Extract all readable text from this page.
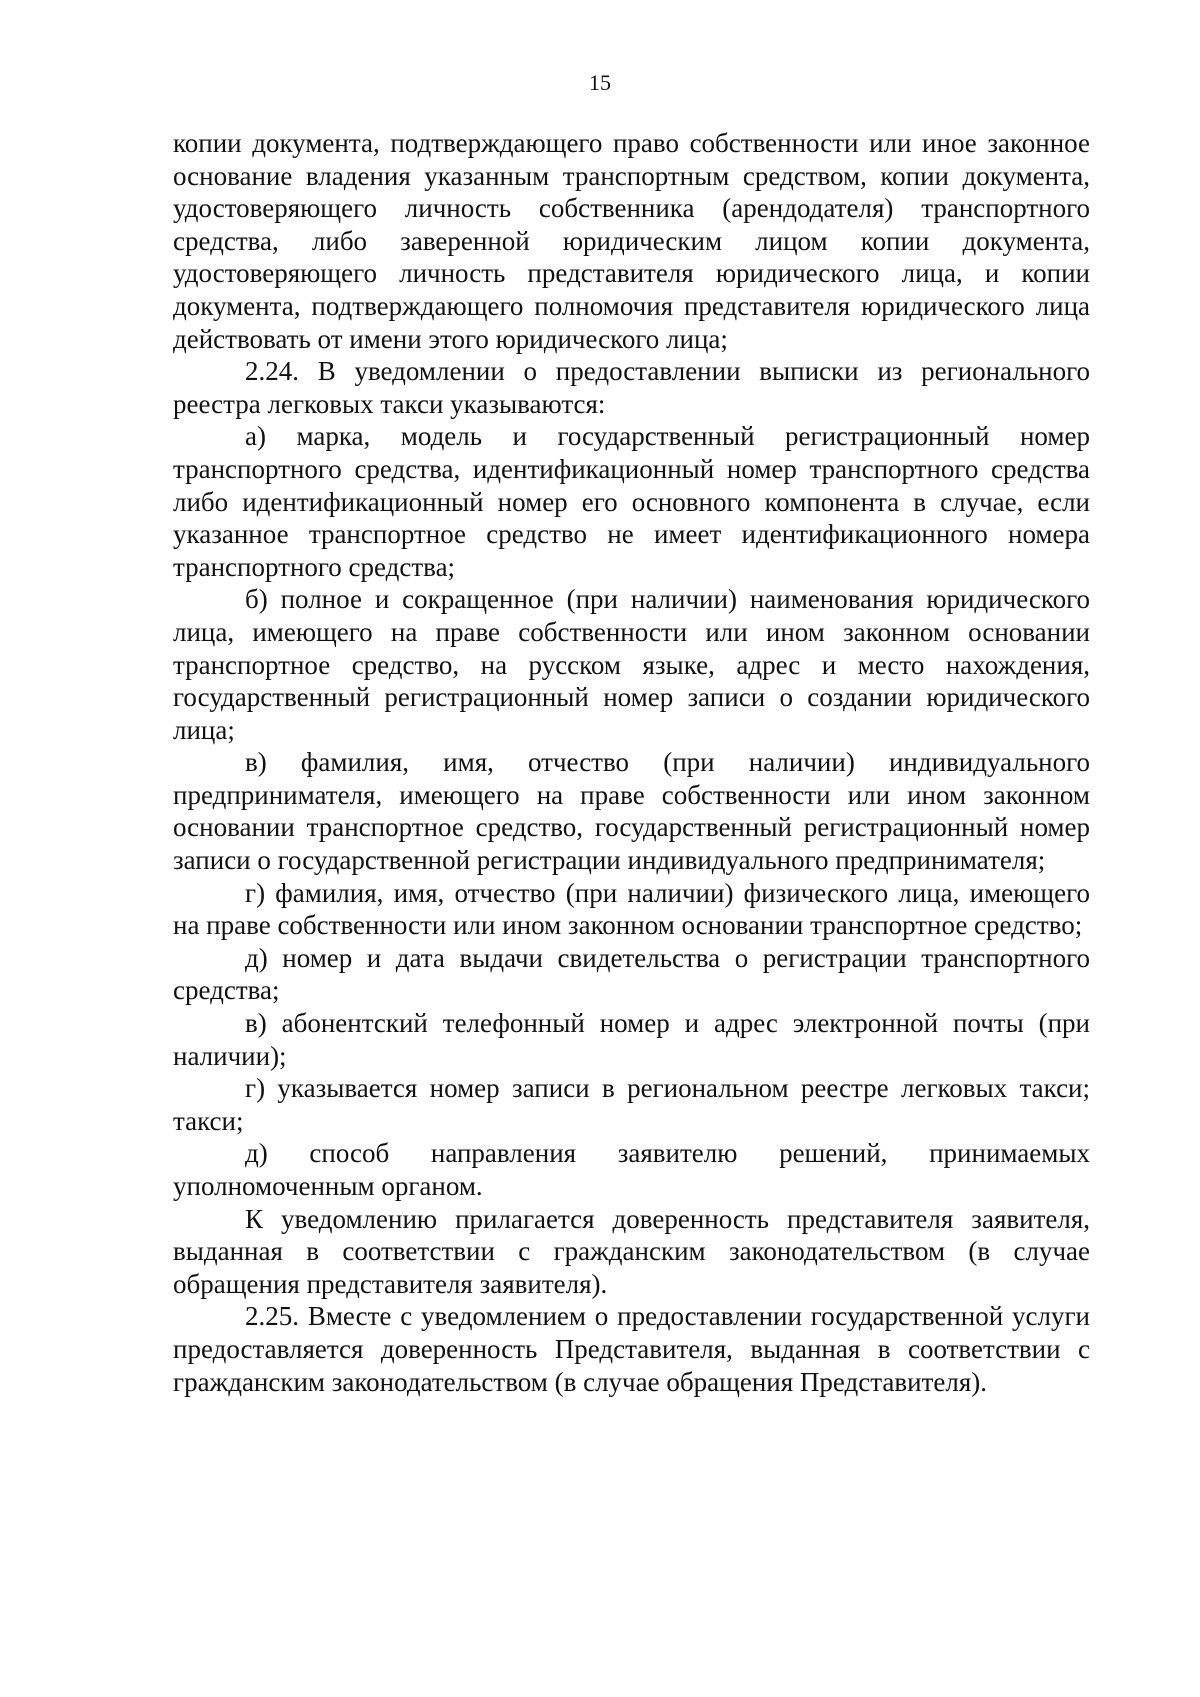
15

копии документа, подтверждающего право собственности или иное законное основание владения указанным транспортным средством, копии документа, удостоверяющего личность собственника (арендодателя) транспортного средства, либо заверенной юридическим лицом копии документа, удостоверяющего личность представителя юридического лица, и копии документа, подтверждающего полномочия представителя юридического лица действовать от имени этого юридического лица;

2.24. В уведомлении о предоставлении выписки из регионального реестра легковых такси указываются:

а) марка, модель и государственный регистрационный номер транспортного средства, идентификационный номер транспортного средства либо идентификационный номер его основного компонента в случае, если указанное транспортное средство не имеет идентификационного номера транспортного средства;

б) полное и сокращенное (при наличии) наименования юридического лица, имеющего на праве собственности или ином законном основании транспортное средство, на русском языке, адрес и место нахождения, государственный регистрационный номер записи о создании юридического лица;

в) фамилия, имя, отчество (при наличии) индивидуального предпринимателя, имеющего на праве собственности или ином законном основании транспортное средство, государственный регистрационный номер записи о государственной регистрации индивидуального предпринимателя;

г) фамилия, имя, отчество (при наличии) физического лица, имеющего на праве собственности или ином законном основании транспортное средство;

д) номер и дата выдачи свидетельства о регистрации транспортного средства;

в) абонентский телефонный номер и адрес электронной почты (при наличии);

г) указывается номер записи в региональном реестре легковых такси; такси;

д) способ направления заявителю решений, принимаемых уполномоченным органом.

К уведомлению прилагается доверенность представителя заявителя, выданная в соответствии с гражданским законодательством (в случае обращения представителя заявителя).

2.25. Вместе с уведомлением о предоставлении государственной услуги предоставляется доверенность Представителя, выданная в соответствии с гражданским законодательством (в случае обращения Представителя).
